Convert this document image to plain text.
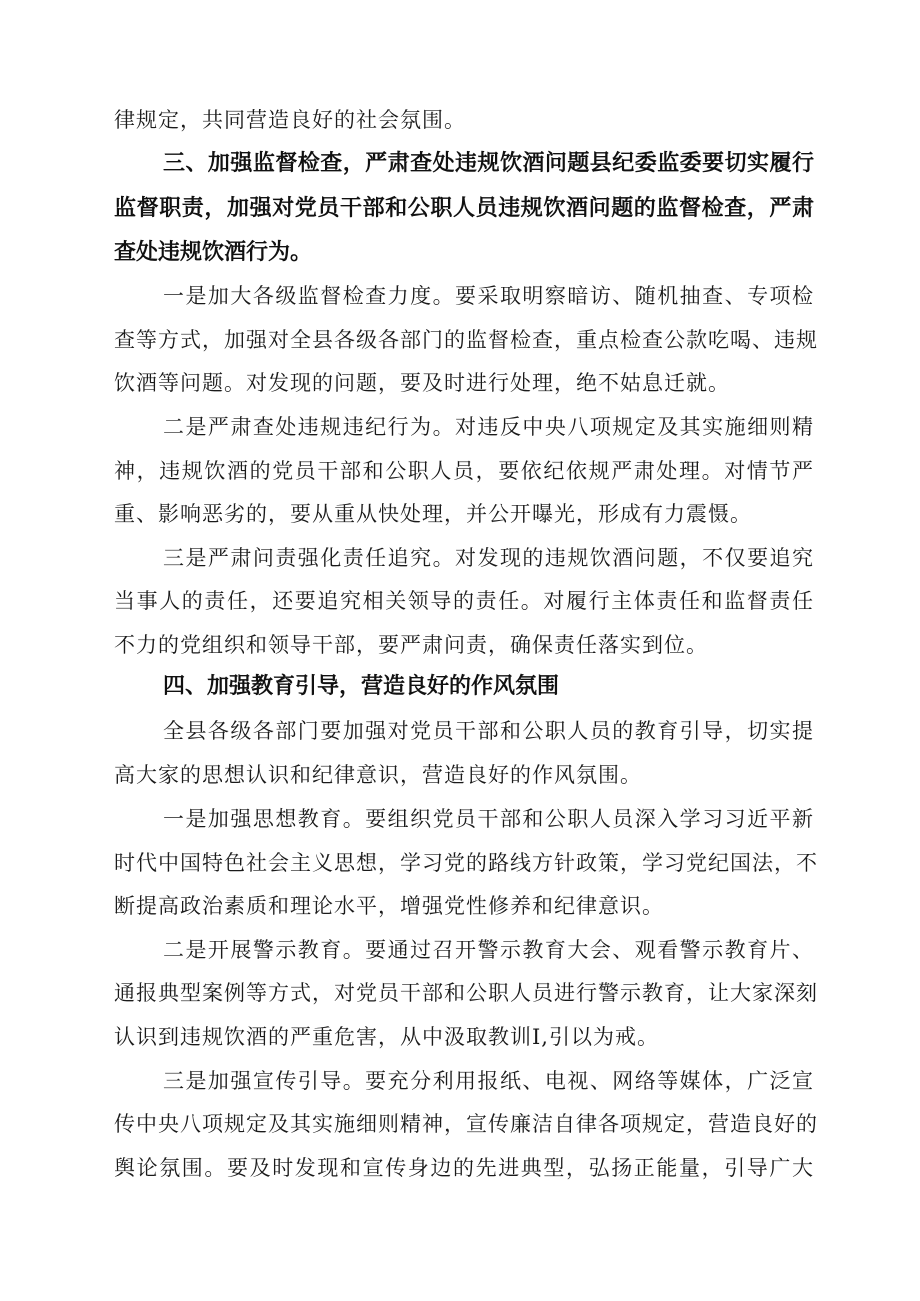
律规定，共同营造良好的社会氛围。
三、加强监督检查，严肃查处违规饮酒问题县纪委监委要切实履行
监督职责，加强对党员干部和公职人员违规饮酒问题的监督检查，严肃
查处违规饮酒行为。
一是加大各级监督检查力度。要采取明察暗访、随机抽查、专项检
查等方式，加强对全县各级各部门的监督检查，重点检查公款吃喝、违规
饮酒等问题。对发现的问题，要及时进行处理，绝不姑息迁就。
二是严肃查处违规违纪行为。对违反中央八项规定及其实施细则精
神，违规饮酒的党员干部和公职人员，要依纪依规严肃处理。对情节严
重、影响恶劣的，要从重从快处理，并公开曝光，形成有力震慑。
三是严肃问责强化责任追究。对发现的违规饮酒问题，不仅要追究
当事人的责任，还要追究相关领导的责任。对履行主体责任和监督责任
不力的党组织和领导干部，要严肃问责，确保责任落实到位。
四、加强教育引导，营造良好的作风氛围
全县各级各部门要加强对党员干部和公职人员的教育引导，切实提
高大家的思想认识和纪律意识，营造良好的作风氛围。
一是加强思想教育。要组织党员干部和公职人员深入学习习近平新
时代中国特色社会主义思想，学习党的路线方针政策，学习党纪国法，不
断提高政治素质和理论水平，增强党性修养和纪律意识。
二是开展警示教育。要通过召开警示教育大会、观看警示教育片、
通报典型案例等方式，对党员干部和公职人员进行警示教育，让大家深刻
认识到违规饮酒的严重危害，从中汲取教训I,引以为戒。
三是加强宣传引导。要充分利用报纸、电视、网络等媒体，广泛宣
传中央八项规定及其实施细则精神，宣传廉洁自律各项规定，营造良好的
舆论氛围。要及时发现和宣传身边的先进典型，弘扬正能量，引导广大
